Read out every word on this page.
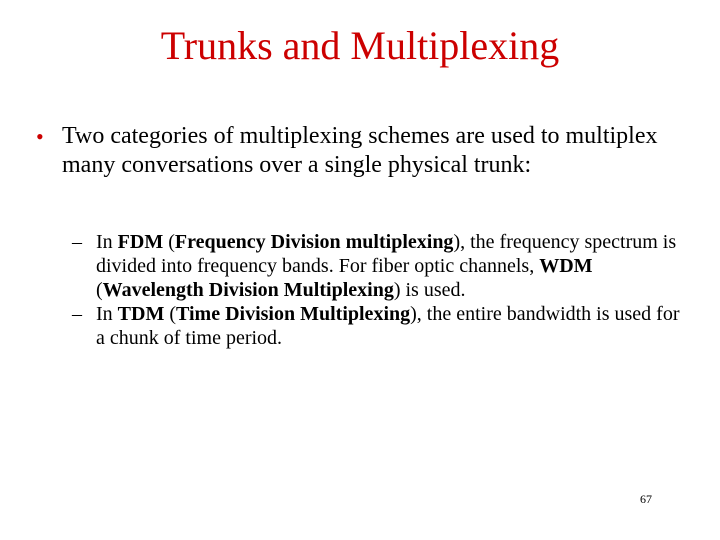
Trunks and Multiplexing
• Two categories of multiplexing schemes are used to multiplex many conversations over a single physical trunk:
– In FDM (Frequency Division multiplexing), the frequency spectrum is divided into frequency bands. For fiber optic channels, WDM (Wavelength Division Multiplexing) is used.
– In TDM (Time Division Multiplexing), the entire bandwidth is used for a chunk of time period.
67
